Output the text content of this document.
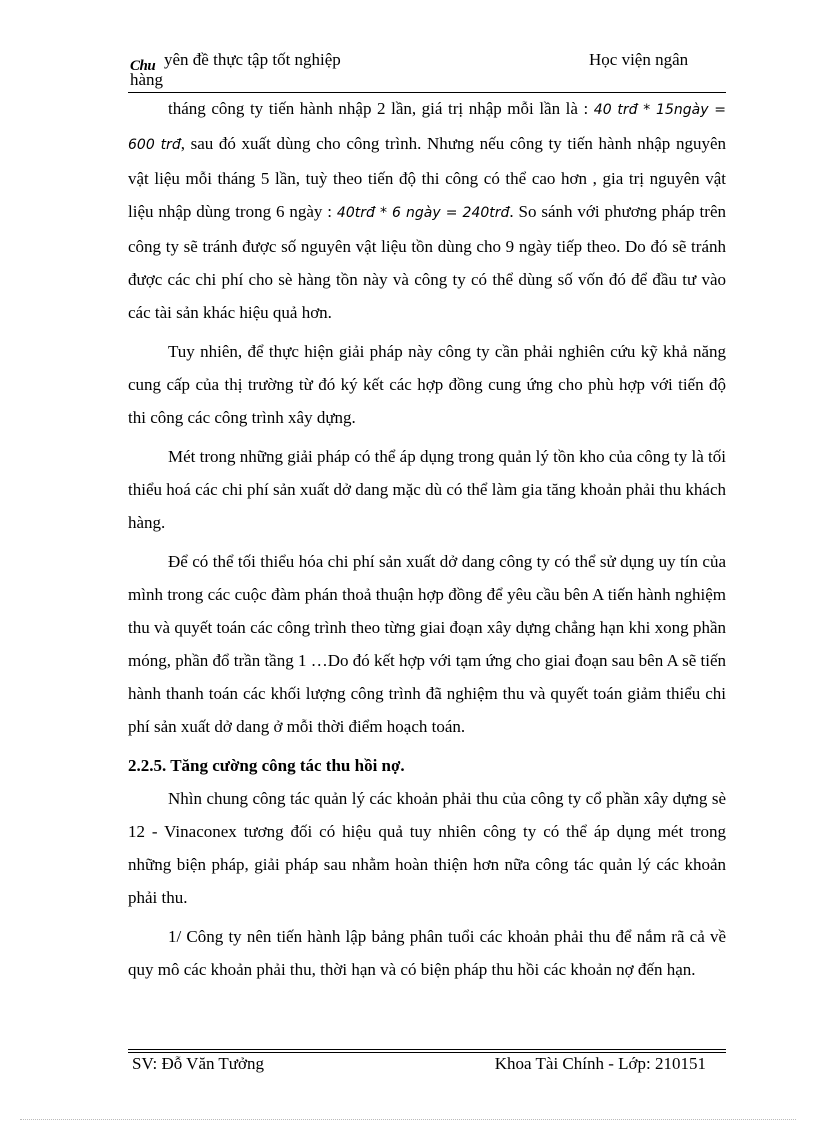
Chu yên đề thực tập tốt nghiệp
hàng
Học viện ngân

tháng công ty tiến hành nhập 2 lần, giá trị nhập mỗi lần là : 40 trđ * 15ngày = 600 trđ, sau đó xuất dùng cho công trình. Nhưng nếu công ty tiến hành nhập nguyên vật liệu mỗi tháng 5 lần, tuỳ theo tiến độ thi công có thể cao hơn , gia trị nguyên vật liệu nhập dùng trong 6 ngày : 40trđ * 6 ngày = 240trđ. So sánh với phương pháp trên công ty sẽ tránh được số nguyên vật liệu tồn dùng cho 9 ngày tiếp theo. Do đó sẽ tránh được các chi phí cho sè hàng tồn này và công ty có thể dùng số vốn đó để đầu tư vào các tài sản khác hiệu quả hơn.

Tuy nhiên, để thực hiện giải pháp này công ty cần phải nghiên cứu kỹ khả năng cung cấp của thị trường từ đó ký kết các hợp đồng cung ứng cho phù hợp với tiến độ thi công các công trình xây dựng.

Mét trong những giải pháp có thể áp dụng trong quản lý tồn kho của công ty là tối thiểu hoá các chi phí sản xuất dở dang mặc dù có thể làm gia tăng khoản phải thu khách hàng.

Để có thể tối thiểu hóa chi phí sản xuất dở dang công ty có thể sử dụng uy tín của mình trong các cuộc đàm phán thoả thuận hợp đồng để yêu cầu bên A tiến hành nghiệm thu và quyết toán các công trình theo từng giai đoạn xây dựng chẳng hạn khi xong phần móng, phần đổ trần tầng 1 …Do đó kết hợp với tạm ứng cho giai đoạn sau bên A sẽ tiến hành thanh toán các khối lượng công trình đã nghiệm thu và quyết toán giảm thiểu chi phí sản xuất dở dang ở mỗi thời điểm hoạch toán.

2.2.5. Tăng cường công tác thu hồi nợ.

Nhìn chung công tác quản lý các khoản phải thu của công ty cổ phần xây dựng sè 12 - Vinaconex tương đối có hiệu quả tuy nhiên công ty có thể áp dụng mét trong những biện pháp, giải pháp sau nhằm hoàn thiện hơn nữa công tác quản lý các khoản phải thu.

1/ Công ty nên tiến hành lập bảng phân tuổi các khoản phải thu để nắm rã cả về quy mô các khoản phải thu, thời hạn và có biện pháp thu hồi các khoản nợ đến hạn.

SV: Đỗ Văn Tưởng	Khoa Tài Chính - Lớp: 210151
